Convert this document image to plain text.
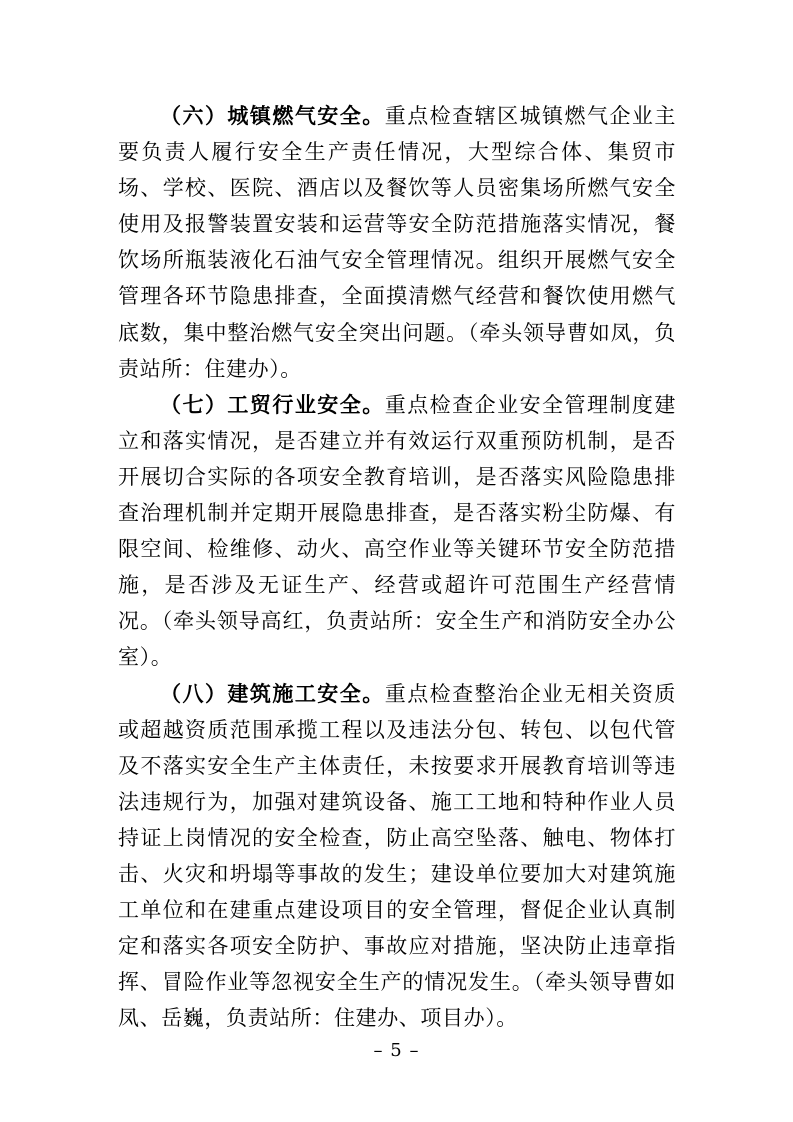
（六）城镇燃气安全。重点检查辖区城镇燃气企业主要负责人履行安全生产责任情况，大型综合体、集贸市场、学校、医院、酒店以及餐饮等人员密集场所燃气安全使用及报警装置安装和运营等安全防范措施落实情况，餐饮场所瓶装液化石油气安全管理情况。组织开展燃气安全管理各环节隐患排查，全面摸清燃气经营和餐饮使用燃气底数，集中整治燃气安全突出问题。（牵头领导曹如凤，负责站所：住建办）。

（七）工贸行业安全。重点检查企业安全管理制度建立和落实情况，是否建立并有效运行双重预防机制，是否开展切合实际的各项安全教育培训，是否落实风险隐患排查治理机制并定期开展隐患排查，是否落实粉尘防爆、有限空间、检维修、动火、高空作业等关键环节安全防范措施，是否涉及无证生产、经营或超许可范围生产经营情况。（牵头领导高红，负责站所：安全生产和消防安全办公室）。

（八）建筑施工安全。重点检查整治企业无相关资质或超越资质范围承揽工程以及违法分包、转包、以包代管及不落实安全生产主体责任，未按要求开展教育培训等违法违规行为，加强对建筑设备、施工工地和特种作业人员持证上岗情况的安全检查，防止高空坠落、触电、物体打击、火灾和坍塌等事故的发生；建设单位要加大对建筑施工单位和在建重点建设项目的安全管理，督促企业认真制定和落实各项安全防护、事故应对措施，坚决防止违章指挥、冒险作业等忽视安全生产的情况发生。（牵头领导曹如凤、岳巍，负责站所：住建办、项目办）。

– 5 –
